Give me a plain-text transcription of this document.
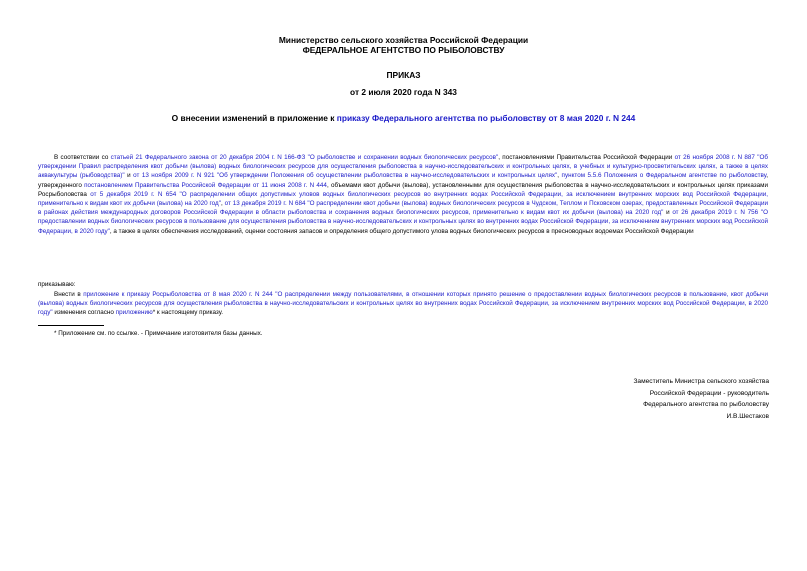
Министерство сельского хозяйства Российской Федерации
ФЕДЕРАЛЬНОЕ АГЕНТСТВО ПО РЫБОЛОВСТВУ
ПРИКАЗ
от 2 июля 2020 года N 343
О внесении изменений в приложение к приказу Федерального агентства по рыболовству от 8 мая 2020 г. N 244
В соответствии со статьей 21 Федерального закона от 20 декабря 2004 г. N 166-ФЗ "О рыболовстве и сохранении водных биологических ресурсов", постановлениями Правительства Российской Федерации от 26 ноября 2008 г. N 887 "Об утверждении Правил распределения квот добычи (вылова) водных биологических ресурсов для осуществления рыболовства в научно-исследовательских и контрольных целях, в учебных и культурно-просветительских целях, а также в целях аквакультуры (рыбоводства)" и от 13 ноября 2009 г. N 921 "Об утверждении Положения об осуществлении рыболовства в научно-исследовательских и контрольных целях", пунктом 5.5.6 Положения о Федеральном агентстве по рыболовству, утвержденного постановлением Правительства Российской Федерации от 11 июня 2008 г. N 444, объемами квот добычи (вылова), установленными для осуществления рыболовства в научно-исследовательских и контрольных целях приказами Росрыболовства от 5 декабря 2019 г. N 654 "О распределении общих допустимых уловов водных биологических ресурсов во внутренних водах Российской Федерации, за исключением внутренних морских вод Российской Федерации, применительно к видам квот их добычи (вылова) на 2020 год", от 13 декабря 2019 г. N 684 "О распределении квот добычи (вылова) водных биологических ресурсов в Чудском, Теплом и Псковском озерах, предоставленных Российской Федерации в районах действия международных договоров Российской Федерации в области рыболовства и сохранения водных биологических ресурсов, применительно к видам квот их добычи (вылова) на 2020 год" и от 26 декабря 2019 г. N 756 "О предоставлении водных биологических ресурсов в пользование для осуществления рыболовства в научно-исследовательских и контрольных целях во внутренних водах Российской Федерации, за исключением внутренних морских вод Российской Федерации, в 2020 году", а также в целях обеспечения исследований, оценки состояния запасов и определения общего допустимого улова водных биологических ресурсов в пресноводных водоемах Российской Федерации
приказываю:
Внести в приложение к приказу Росрыболовства от 8 мая 2020 г. N 244 "О распределении между пользователями, в отношении которых принято решение о предоставлении водных биологических ресурсов в пользование, квот добычи (вылова) водных биологических ресурсов для осуществления рыболовства в научно-исследовательских и контрольных целях во внутренних водах Российской Федерации, за исключением внутренних морских вод Российской Федерации, в 2020 году" изменения согласно приложению* к настоящему приказу.
* Приложение см. по ссылке. - Примечание изготовителя базы данных.
Заместитель Министра сельского хозяйства
Российской Федерации - руководитель
Федерального агентства по рыболовству
И.В.Шестаков
